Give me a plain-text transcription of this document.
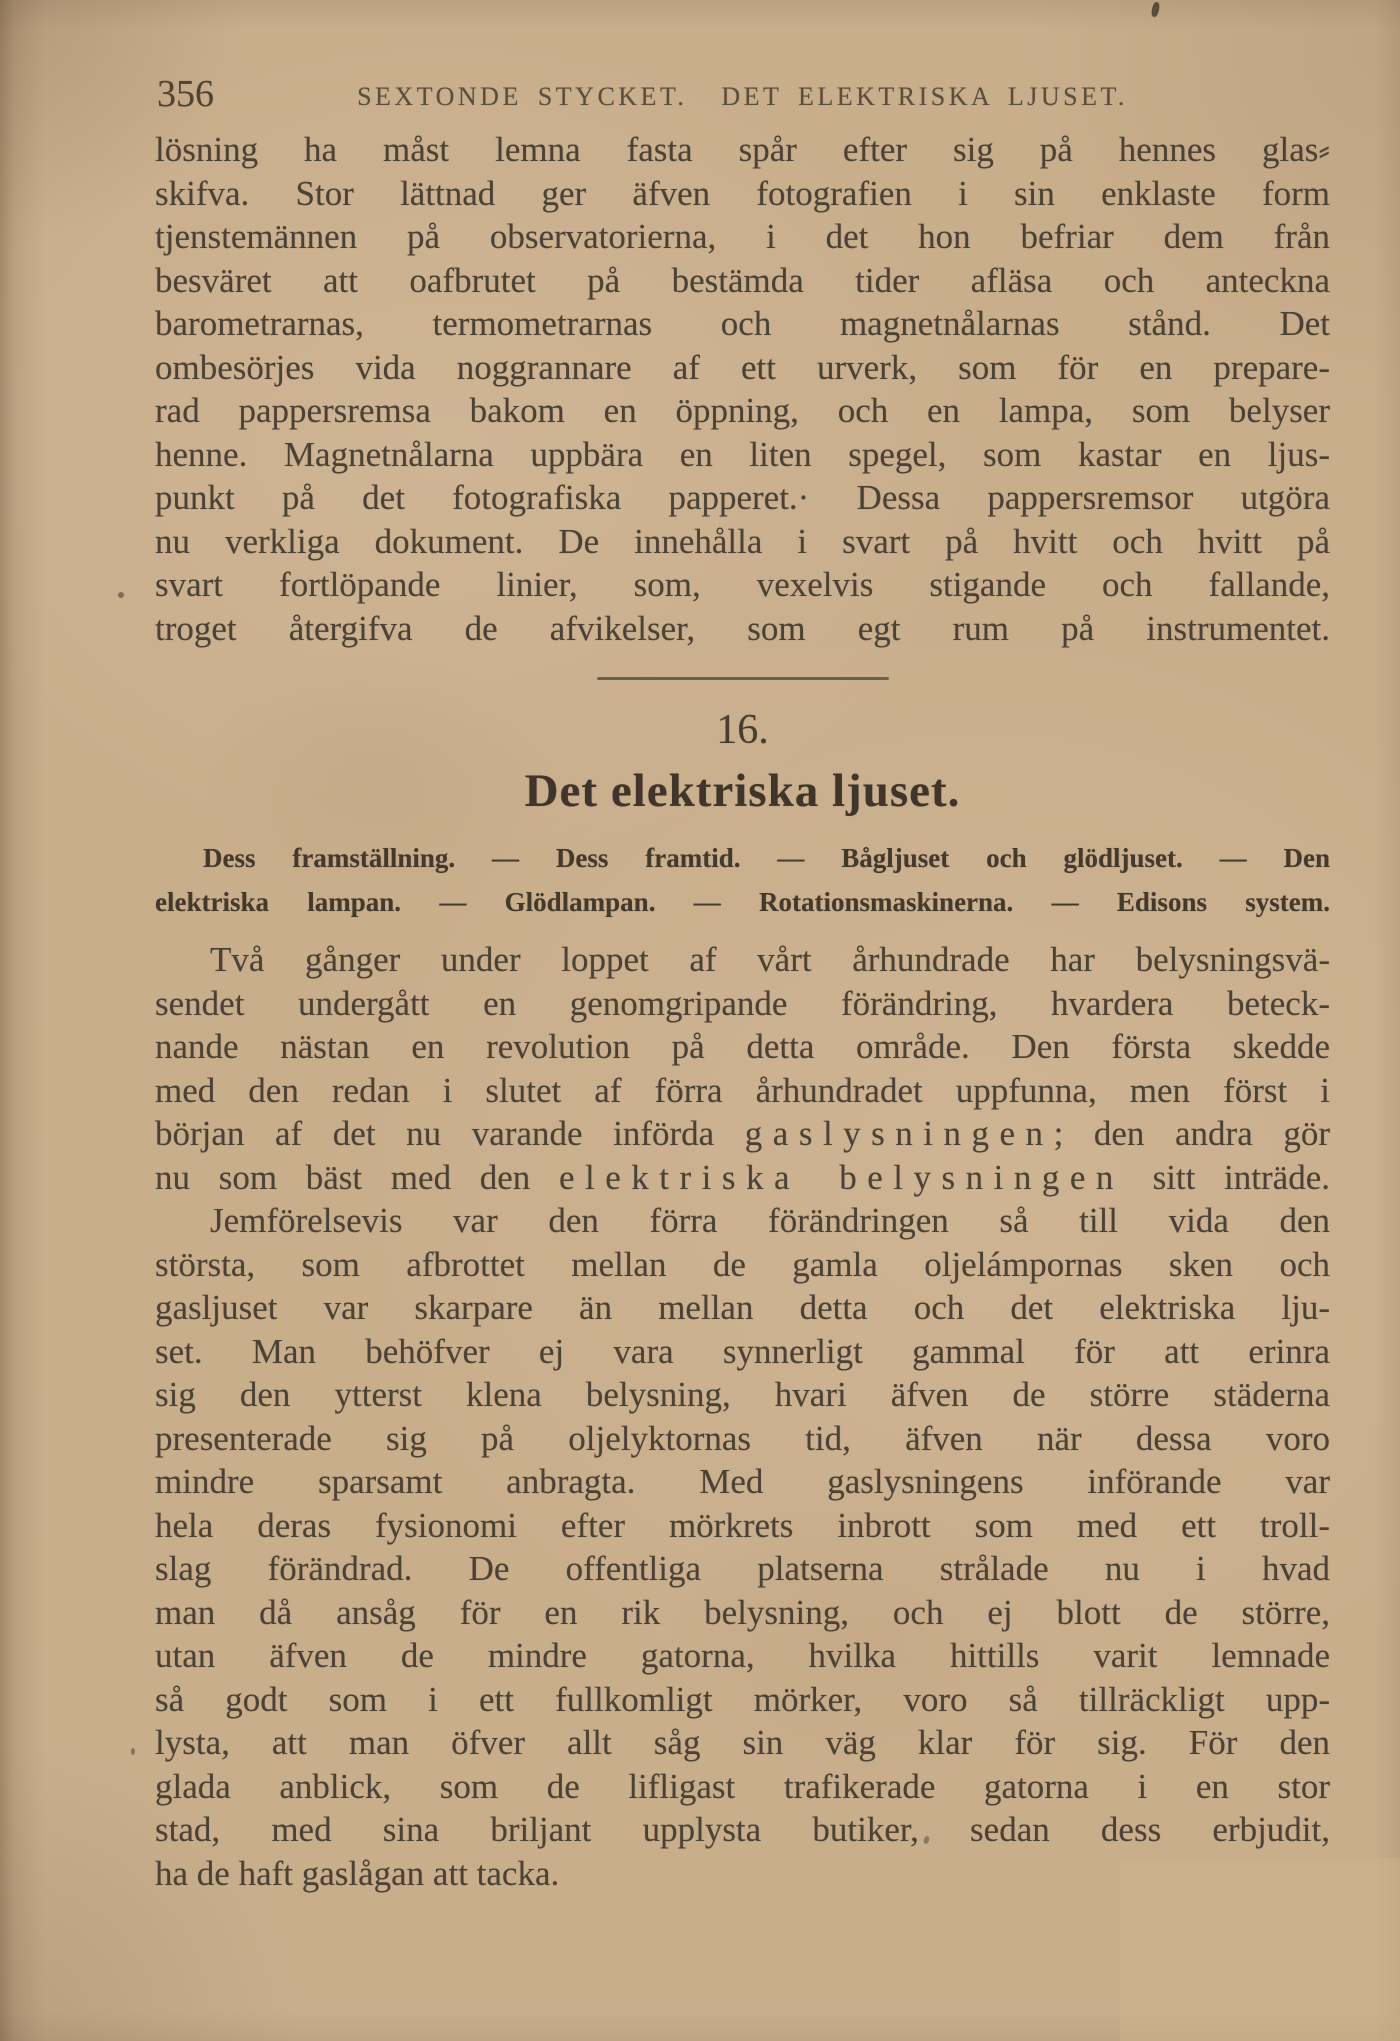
356	SEXTONDE STYCKET. DET ELEKTRISKA LJUSET.
lösning ha måst lemna fasta spår efter sig på hennes glas⸗
skifva. Stor lättnad ger äfven fotografien i sin enklaste form
tjenstemännen på observatorierna, i det hon befriar dem från
besväret att oafbrutet på bestämda tider afläsa och anteckna
barometrarnas, termometrarnas och magnetnålarnas stånd. Det
ombesörjes vida noggrannare af ett urverk, som för en prepare-
rad pappersremsa bakom en öppning, och en lampa, som belyser
henne. Magnetnålarna uppbära en liten spegel, som kastar en ljus-
punkt på det fotografiska papperet.· Dessa pappersremsor utgöra
nu verkliga dokument. De innehålla i svart på hvitt och hvitt på
svart fortlöpande linier, som, vexelvis stigande och fallande,
troget återgifva de afvikelser, som egt rum på instrumentet.
16.
Det elektriska ljuset.
Dess framställning. — Dess framtid. — Bågljuset och glödljuset. — Den
elektriska lampan. — Glödlampan. — Rotationsmaskinerna. — Edisons system.
Två gånger under loppet af vårt århundrade har belysningsvä-
sendet undergått en genomgripande förändring, hvardera beteck-
nande nästan en revolution på detta område. Den första skedde
med den redan i slutet af förra århundradet uppfunna, men först i
början af det nu varande införda gaslysningen; den andra gör
nu som bäst med den elektriska belysningen sitt inträde.
Jemförelsevis var den förra förändringen så till vida den
största, som afbrottet mellan de gamla oljelámpornas sken och
gasljuset var skarpare än mellan detta och det elektriska lju-
set. Man behöfver ej vara synnerligt gammal för att erinra
sig den ytterst klena belysning, hvari äfven de större städerna
presenterade sig på oljelyktornas tid, äfven när dessa voro
mindre sparsamt anbragta. Med gaslysningens införande var
hela deras fysionomi efter mörkrets inbrott som med ett troll-
slag förändrad. De offentliga platserna strålade nu i hvad
man då ansåg för en rik belysning, och ej blott de större,
utan äfven de mindre gatorna, hvilka hittills varit lemnade
så godt som i ett fullkomligt mörker, voro så tillräckligt upp-
lysta, att man öfver allt såg sin väg klar för sig. För den
glada anblick, som de lifligast trafikerade gatorna i en stor
stad, med sina briljant upplysta butiker, sedan dess erbjudit,
ha de haft gaslågan att tacka.
